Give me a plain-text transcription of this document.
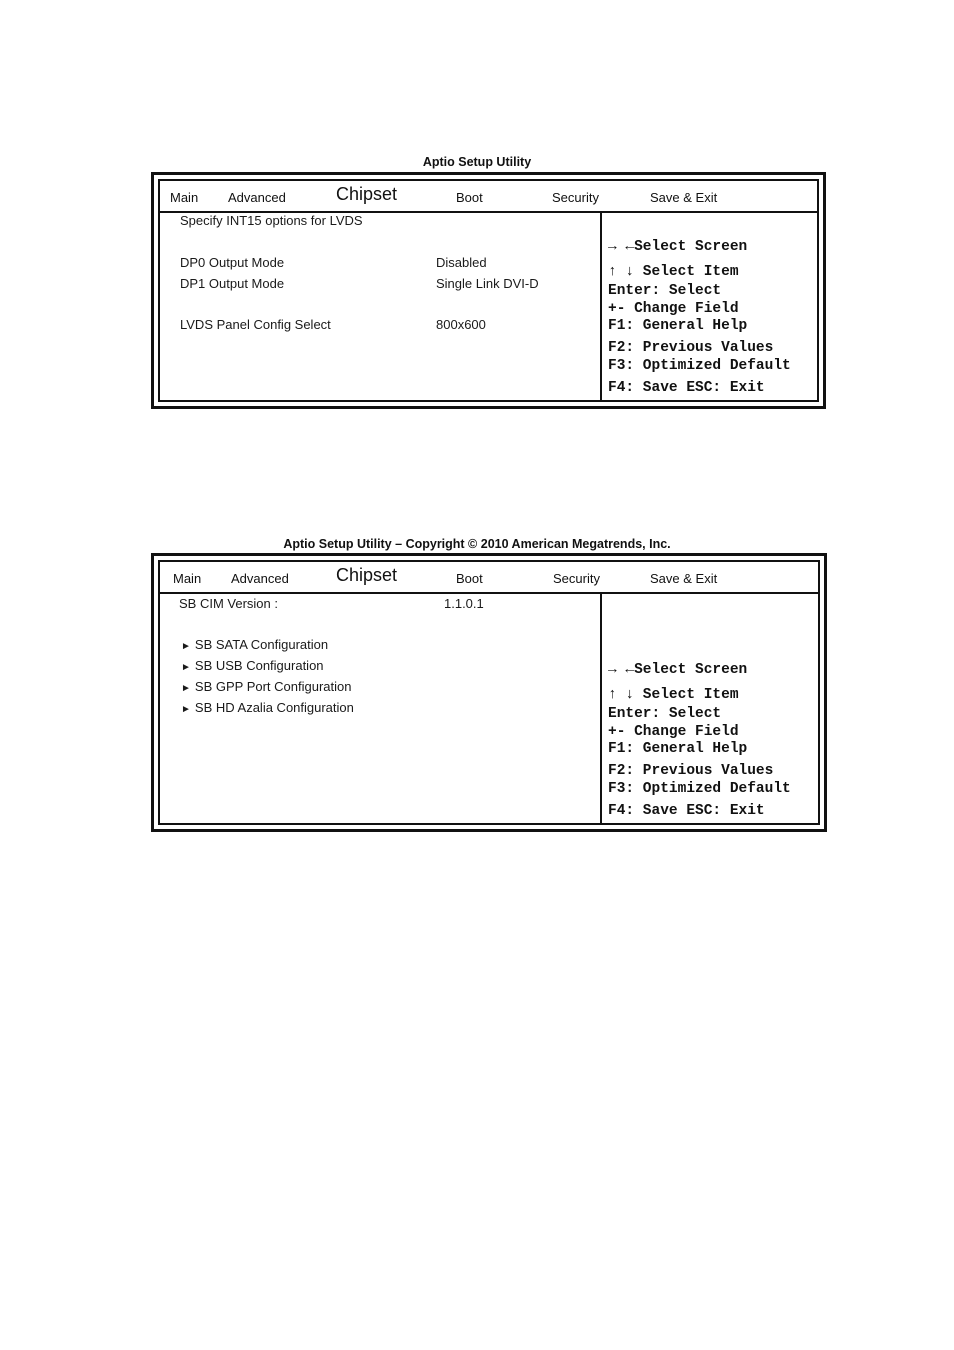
Aptio Setup Utility
Main Advanced	Chipset	Boot	Security	Save & Exit
Specify INT15 options for LVDS
DP0 Output Mode	Disabled
DP1 Output Mode	Single Link DVI-D
LVDS Panel Config Select	800x600
→ ←Select Screen
↑ ↓ Select Item
Enter: Select
+- Change Field
F1: General Help
F2: Previous Values
F3: Optimized Default
F4: Save ESC: Exit
Aptio Setup Utility – Copyright © 2010 American Megatrends, Inc.
Main Advanced	Chipset	Boot	Security	Save & Exit
SB CIM Version :	1.1.0.1
► SB SATA Configuration
► SB USB Configuration
► SB GPP Port Configuration
► SB HD Azalia Configuration
→ ←Select Screen
↑ ↓ Select Item
Enter: Select
+- Change Field
F1: General Help
F2: Previous Values
F3: Optimized Default
F4: Save ESC: Exit
